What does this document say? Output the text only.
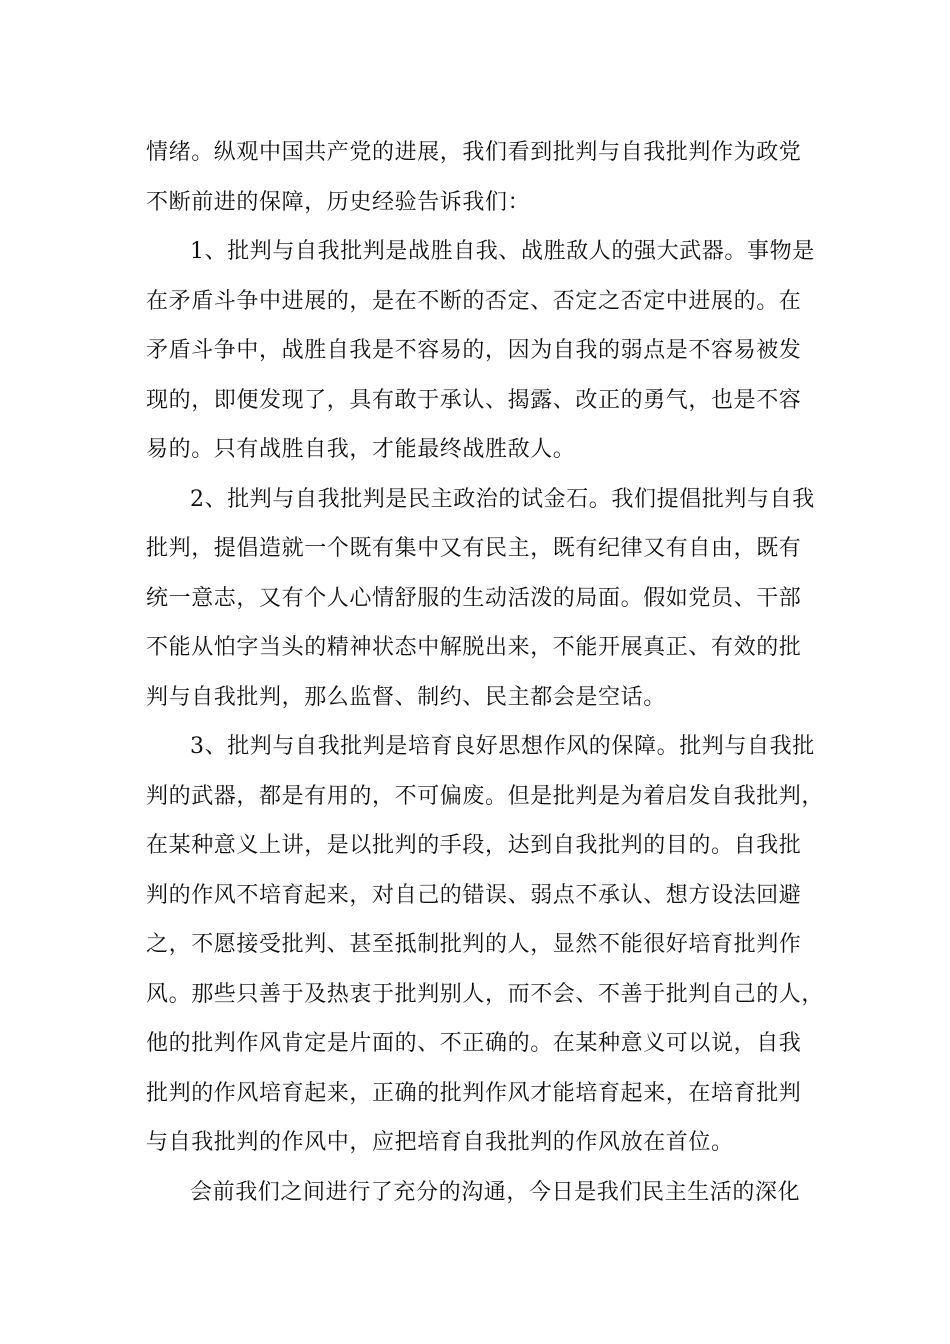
情绪。纵观中国共产党的进展，我们看到批判与自我批判作为政党
不断前进的保障，历史经验告诉我们：
1、批判与自我批判是战胜自我、战胜敌人的强大武器。事物是
在矛盾斗争中进展的，是在不断的否定、否定之否定中进展的。在
矛盾斗争中，战胜自我是不容易的，因为自我的弱点是不容易被发
现的，即便发现了，具有敢于承认、揭露、改正的勇气，也是不容
易的。只有战胜自我，才能最终战胜敌人。
2、批判与自我批判是民主政治的试金石。我们提倡批判与自我
批判，提倡造就一个既有集中又有民主，既有纪律又有自由，既有
统一意志，又有个人心情舒服的生动活泼的局面。假如党员、干部
不能从怕字当头的精神状态中解脱出来，不能开展真正、有效的批
判与自我批判，那么监督、制约、民主都会是空话。
3、批判与自我批判是培育良好思想作风的保障。批判与自我批
判的武器，都是有用的，不可偏废。但是批判是为着启发自我批判，
在某种意义上讲，是以批判的手段，达到自我批判的目的。自我批
判的作风不培育起来，对自己的错误、弱点不承认、想方设法回避
之，不愿接受批判、甚至抵制批判的人，显然不能很好培育批判作
风。那些只善于及热衷于批判别人，而不会、不善于批判自己的人，
他的批判作风肯定是片面的、不正确的。在某种意义可以说，自我
批判的作风培育起来，正确的批判作风才能培育起来，在培育批判
与自我批判的作风中，应把培育自我批判的作风放在首位。
会前我们之间进行了充分的沟通，今日是我们民主生活的深化
